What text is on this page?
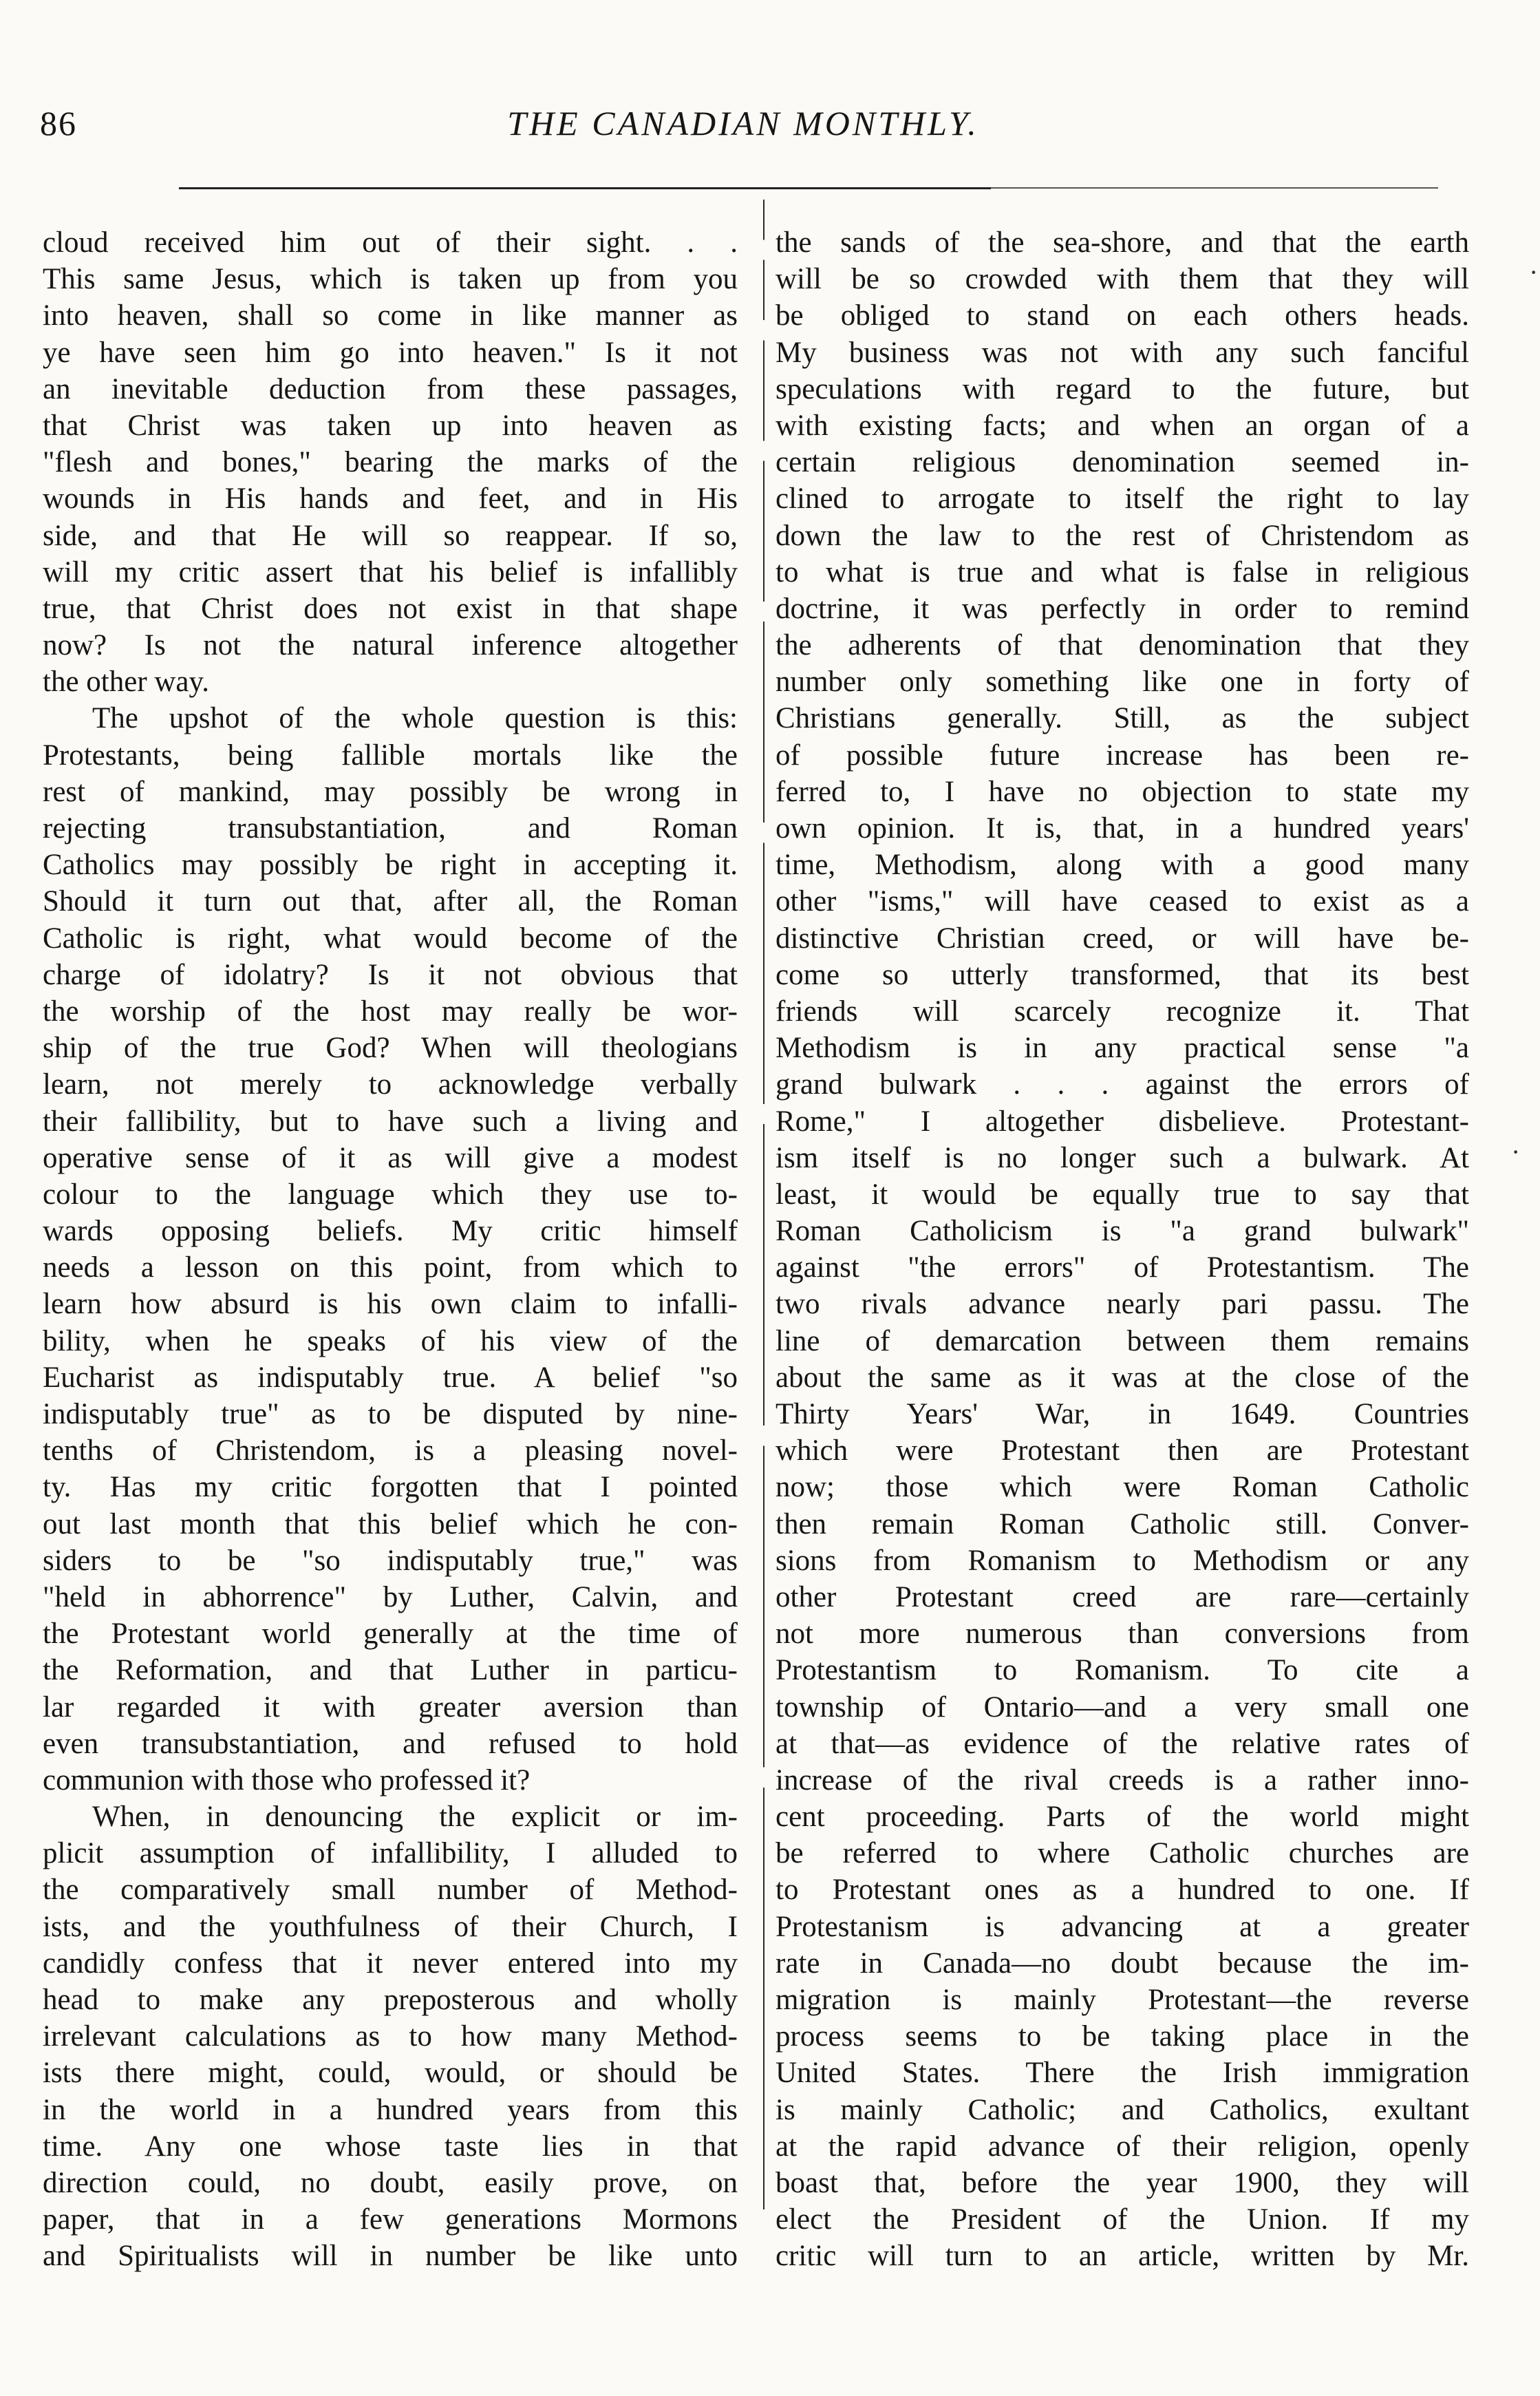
86	THE CANADIAN MONTHLY.
cloud received him out of their sight. . .
This same Jesus, which is taken up from you
into heaven, shall so come in like manner as
ye have seen him go into heaven." Is it not
an inevitable deduction from these passages,
that Christ was taken up into heaven as
"flesh and bones," bearing the marks of the
wounds in His hands and feet, and in His
side, and that He will so reappear. If so,
will my critic assert that his belief is infallibly
true, that Christ does not exist in that shape
now? Is not the natural inference altogether
the other way.
The upshot of the whole question is this:
Protestants, being fallible mortals like the
rest of mankind, may possibly be wrong in
rejecting transubstantiation, and Roman
Catholics may possibly be right in accepting it.
Should it turn out that, after all, the Roman
Catholic is right, what would become of the
charge of idolatry? Is it not obvious that
the worship of the host may really be wor-
ship of the true God? When will theologians
learn, not merely to acknowledge verbally
their fallibility, but to have such a living and
operative sense of it as will give a modest
colour to the language which they use to-
wards opposing beliefs. My critic himself
needs a lesson on this point, from which to
learn how absurd is his own claim to infalli-
bility, when he speaks of his view of the
Eucharist as indisputably true. A belief "so
indisputably true" as to be disputed by nine-
tenths of Christendom, is a pleasing novel-
ty. Has my critic forgotten that I pointed
out last month that this belief which he con-
siders to be "so indisputably true," was
"held in abhorrence" by Luther, Calvin, and
the Protestant world generally at the time of
the Reformation, and that Luther in particu-
lar regarded it with greater aversion than
even transubstantiation, and refused to hold
communion with those who professed it?
When, in denouncing the explicit or im-
plicit assumption of infallibility, I alluded to
the comparatively small number of Method-
ists, and the youthfulness of their Church, I
candidly confess that it never entered into my
head to make any preposterous and wholly
irrelevant calculations as to how many Method-
ists there might, could, would, or should be
in the world in a hundred years from this
time. Any one whose taste lies in that
direction could, no doubt, easily prove, on
paper, that in a few generations Mormons
and Spiritualists will in number be like unto
the sands of the sea-shore, and that the earth
will be so crowded with them that they will
be obliged to stand on each others heads.
My business was not with any such fanciful
speculations with regard to the future, but
with existing facts; and when an organ of a
certain religious denomination seemed in-
clined to arrogate to itself the right to lay
down the law to the rest of Christendom as
to what is true and what is false in religious
doctrine, it was perfectly in order to remind
the adherents of that denomination that they
number only something like one in forty of
Christians generally. Still, as the subject
of possible future increase has been re-
ferred to, I have no objection to state my
own opinion. It is, that, in a hundred years'
time, Methodism, along with a good many
other "isms," will have ceased to exist as a
distinctive Christian creed, or will have be-
come so utterly transformed, that its best
friends will scarcely recognize it. That
Methodism is in any practical sense "a
grand bulwark . . . against the errors of
Rome," I altogether disbelieve. Protestant-
ism itself is no longer such a bulwark. At
least, it would be equally true to say that
Roman Catholicism is "a grand bulwark"
against "the errors" of Protestantism. The
two rivals advance nearly pari passu. The
line of demarcation between them remains
about the same as it was at the close of the
Thirty Years' War, in 1649. Countries
which were Protestant then are Protestant
now; those which were Roman Catholic
then remain Roman Catholic still. Conver-
sions from Romanism to Methodism or any
other Protestant creed are rare—certainly
not more numerous than conversions from
Protestantism to Romanism. To cite a
township of Ontario—and a very small one
at that—as evidence of the relative rates of
increase of the rival creeds is a rather inno-
cent proceeding. Parts of the world might
be referred to where Catholic churches are
to Protestant ones as a hundred to one. If
Protestanism is advancing at a greater
rate in Canada—no doubt because the im-
migration is mainly Protestant—the reverse
process seems to be taking place in the
United States. There the Irish immigration
is mainly Catholic; and Catholics, exultant
at the rapid advance of their religion, openly
boast that, before the year 1900, they will
elect the President of the Union. If my
critic will turn to an article, written by Mr.
·
·
